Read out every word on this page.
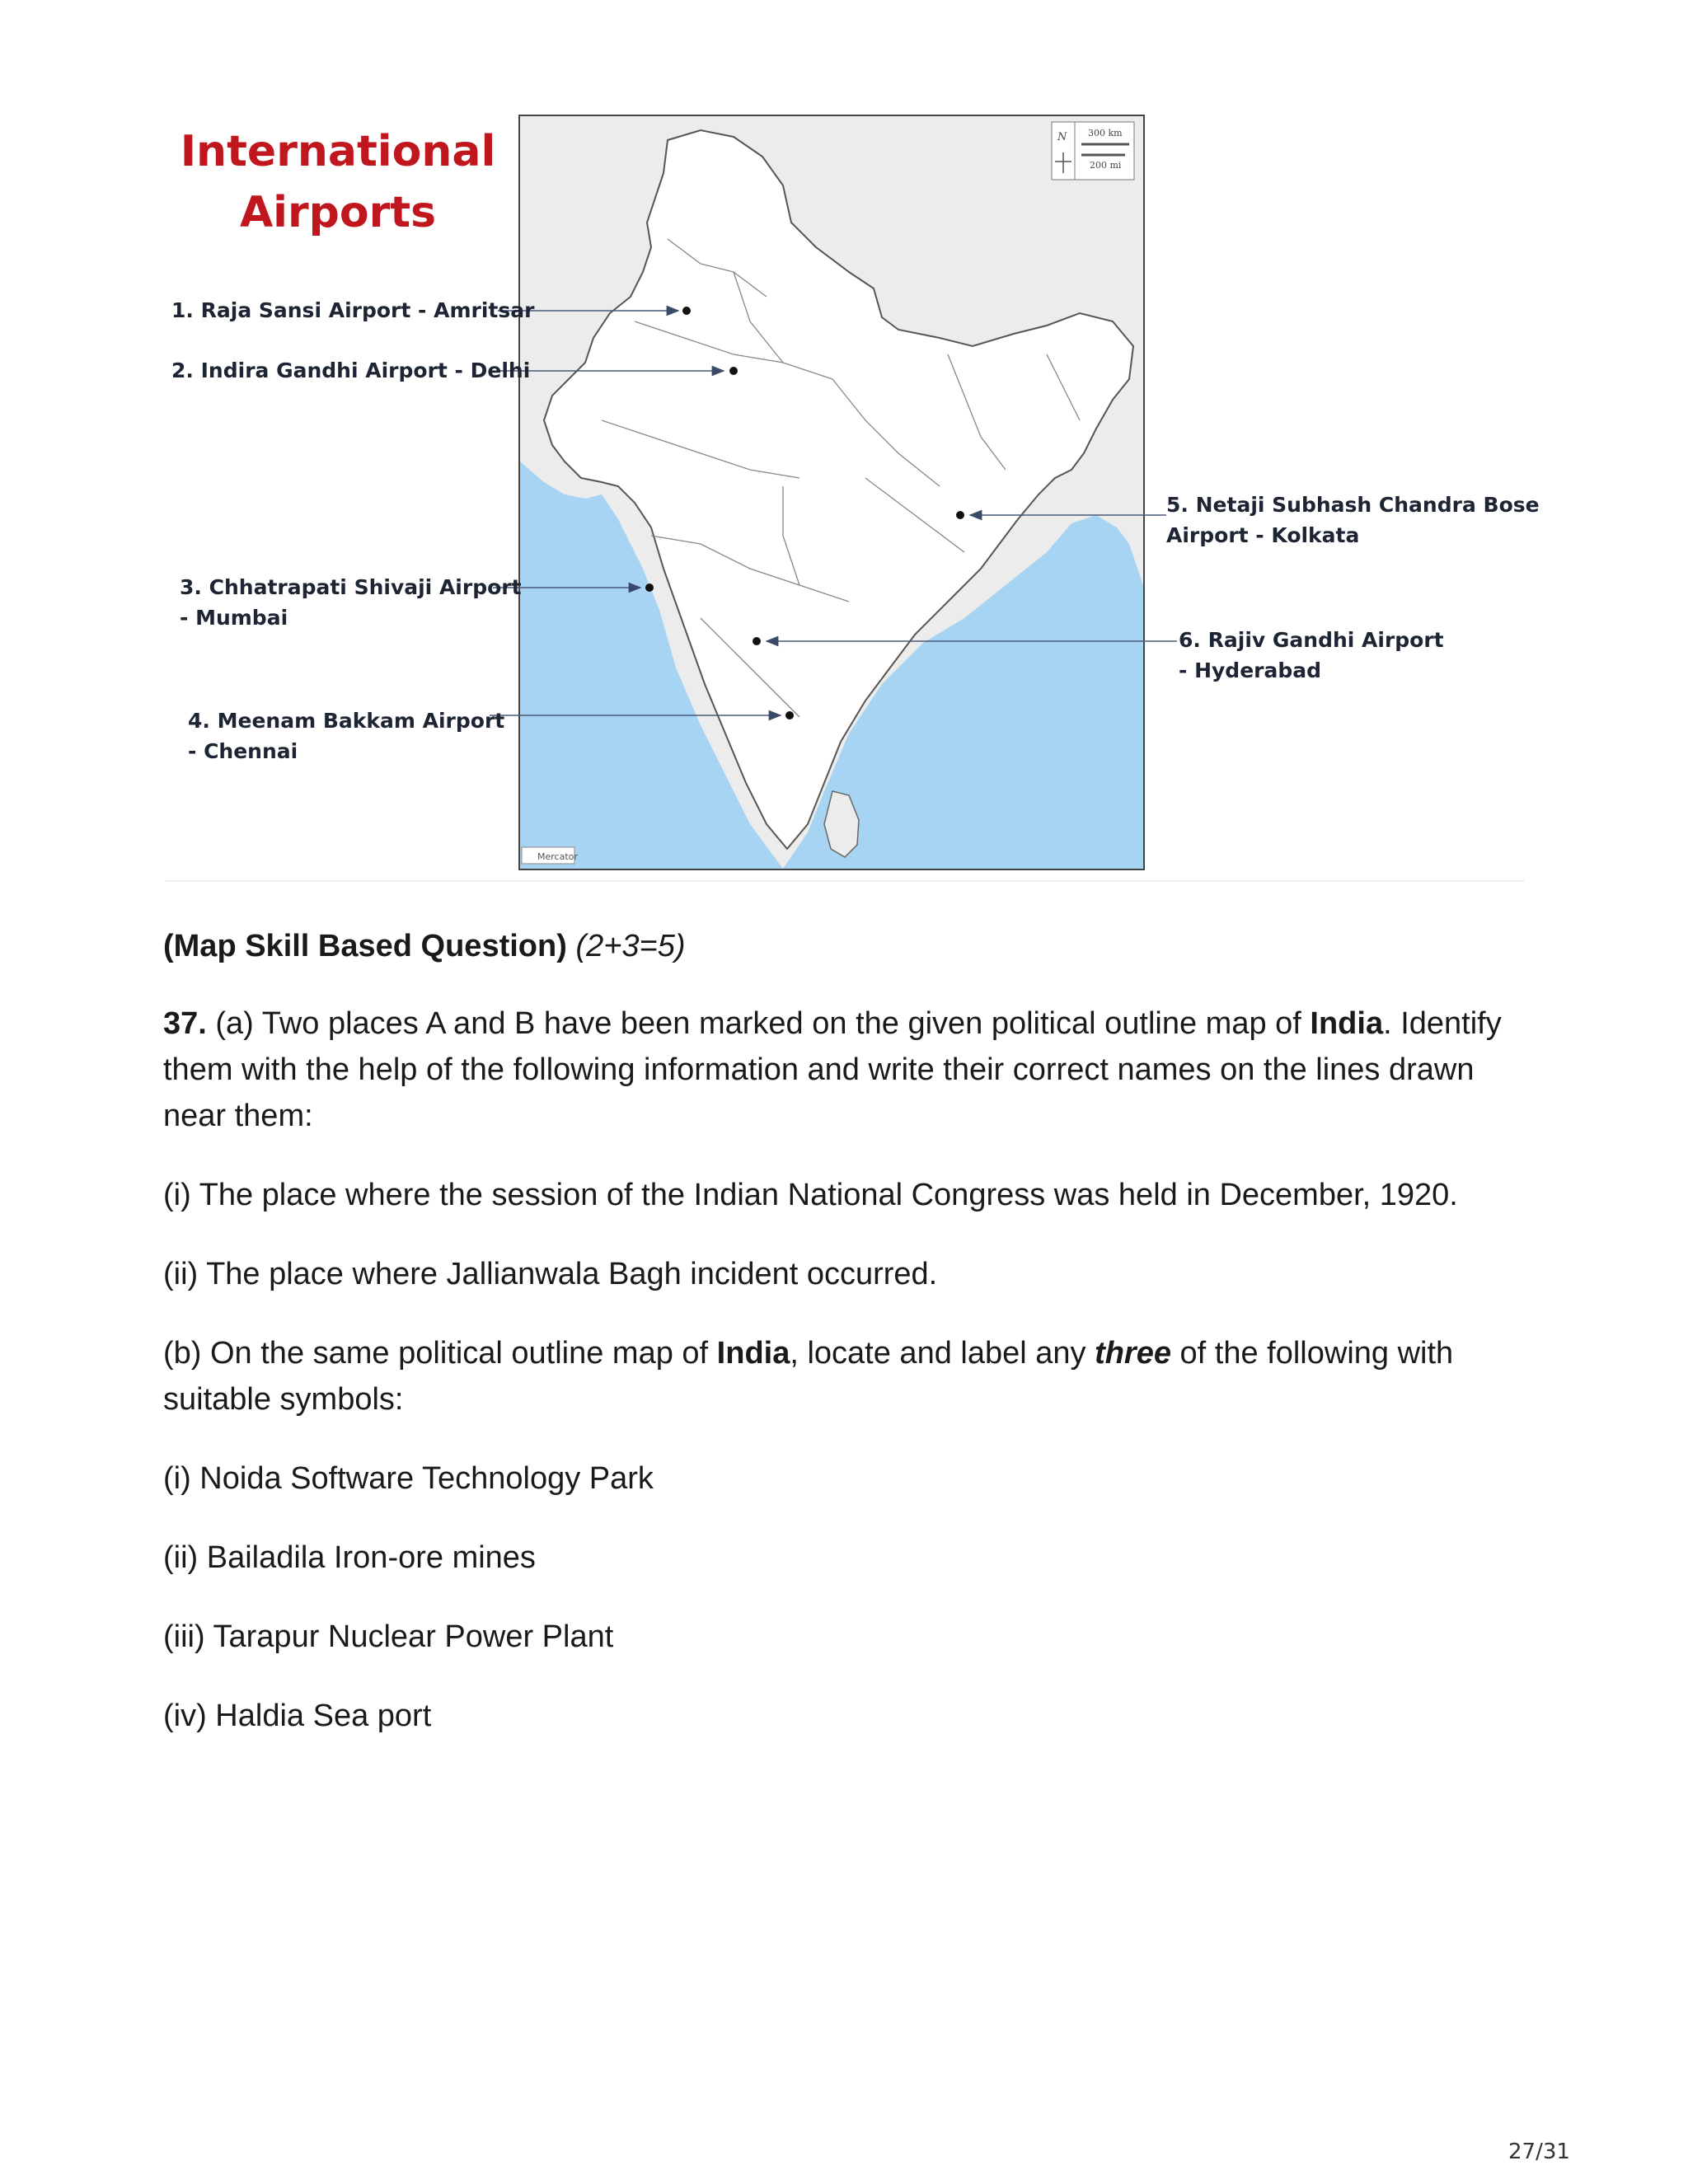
N 300 km
200 mi
Mercator
International
Airports
1. Raja Sansi Airport - Amritsar
2. Indira Gandhi Airport - Delhi
3. Chhatrapati Shivaji Airport
- Mumbai
4. Meenam Bakkam Airport
- Chennai
5. Netaji Subhash Chandra Bose
Airport - Kolkata
6. Rajiv Gandhi Airport
- Hyderabad

(Map Skill Based Question) (2+3=5)

37. (a) Two places A and B have been marked on the given political outline map of India. Identify them with the help of the following information and write their correct names on the lines drawn near them:

(i) The place where the session of the Indian National Congress was held in December, 1920.

(ii) The place where Jallianwala Bagh incident occurred.

(b) On the same political outline map of India, locate and label any three of the following with suitable symbols:

(i) Noida Software Technology Park

(ii) Bailadila Iron-ore mines

(iii) Tarapur Nuclear Power Plant

(iv) Haldia Sea port

27/31
